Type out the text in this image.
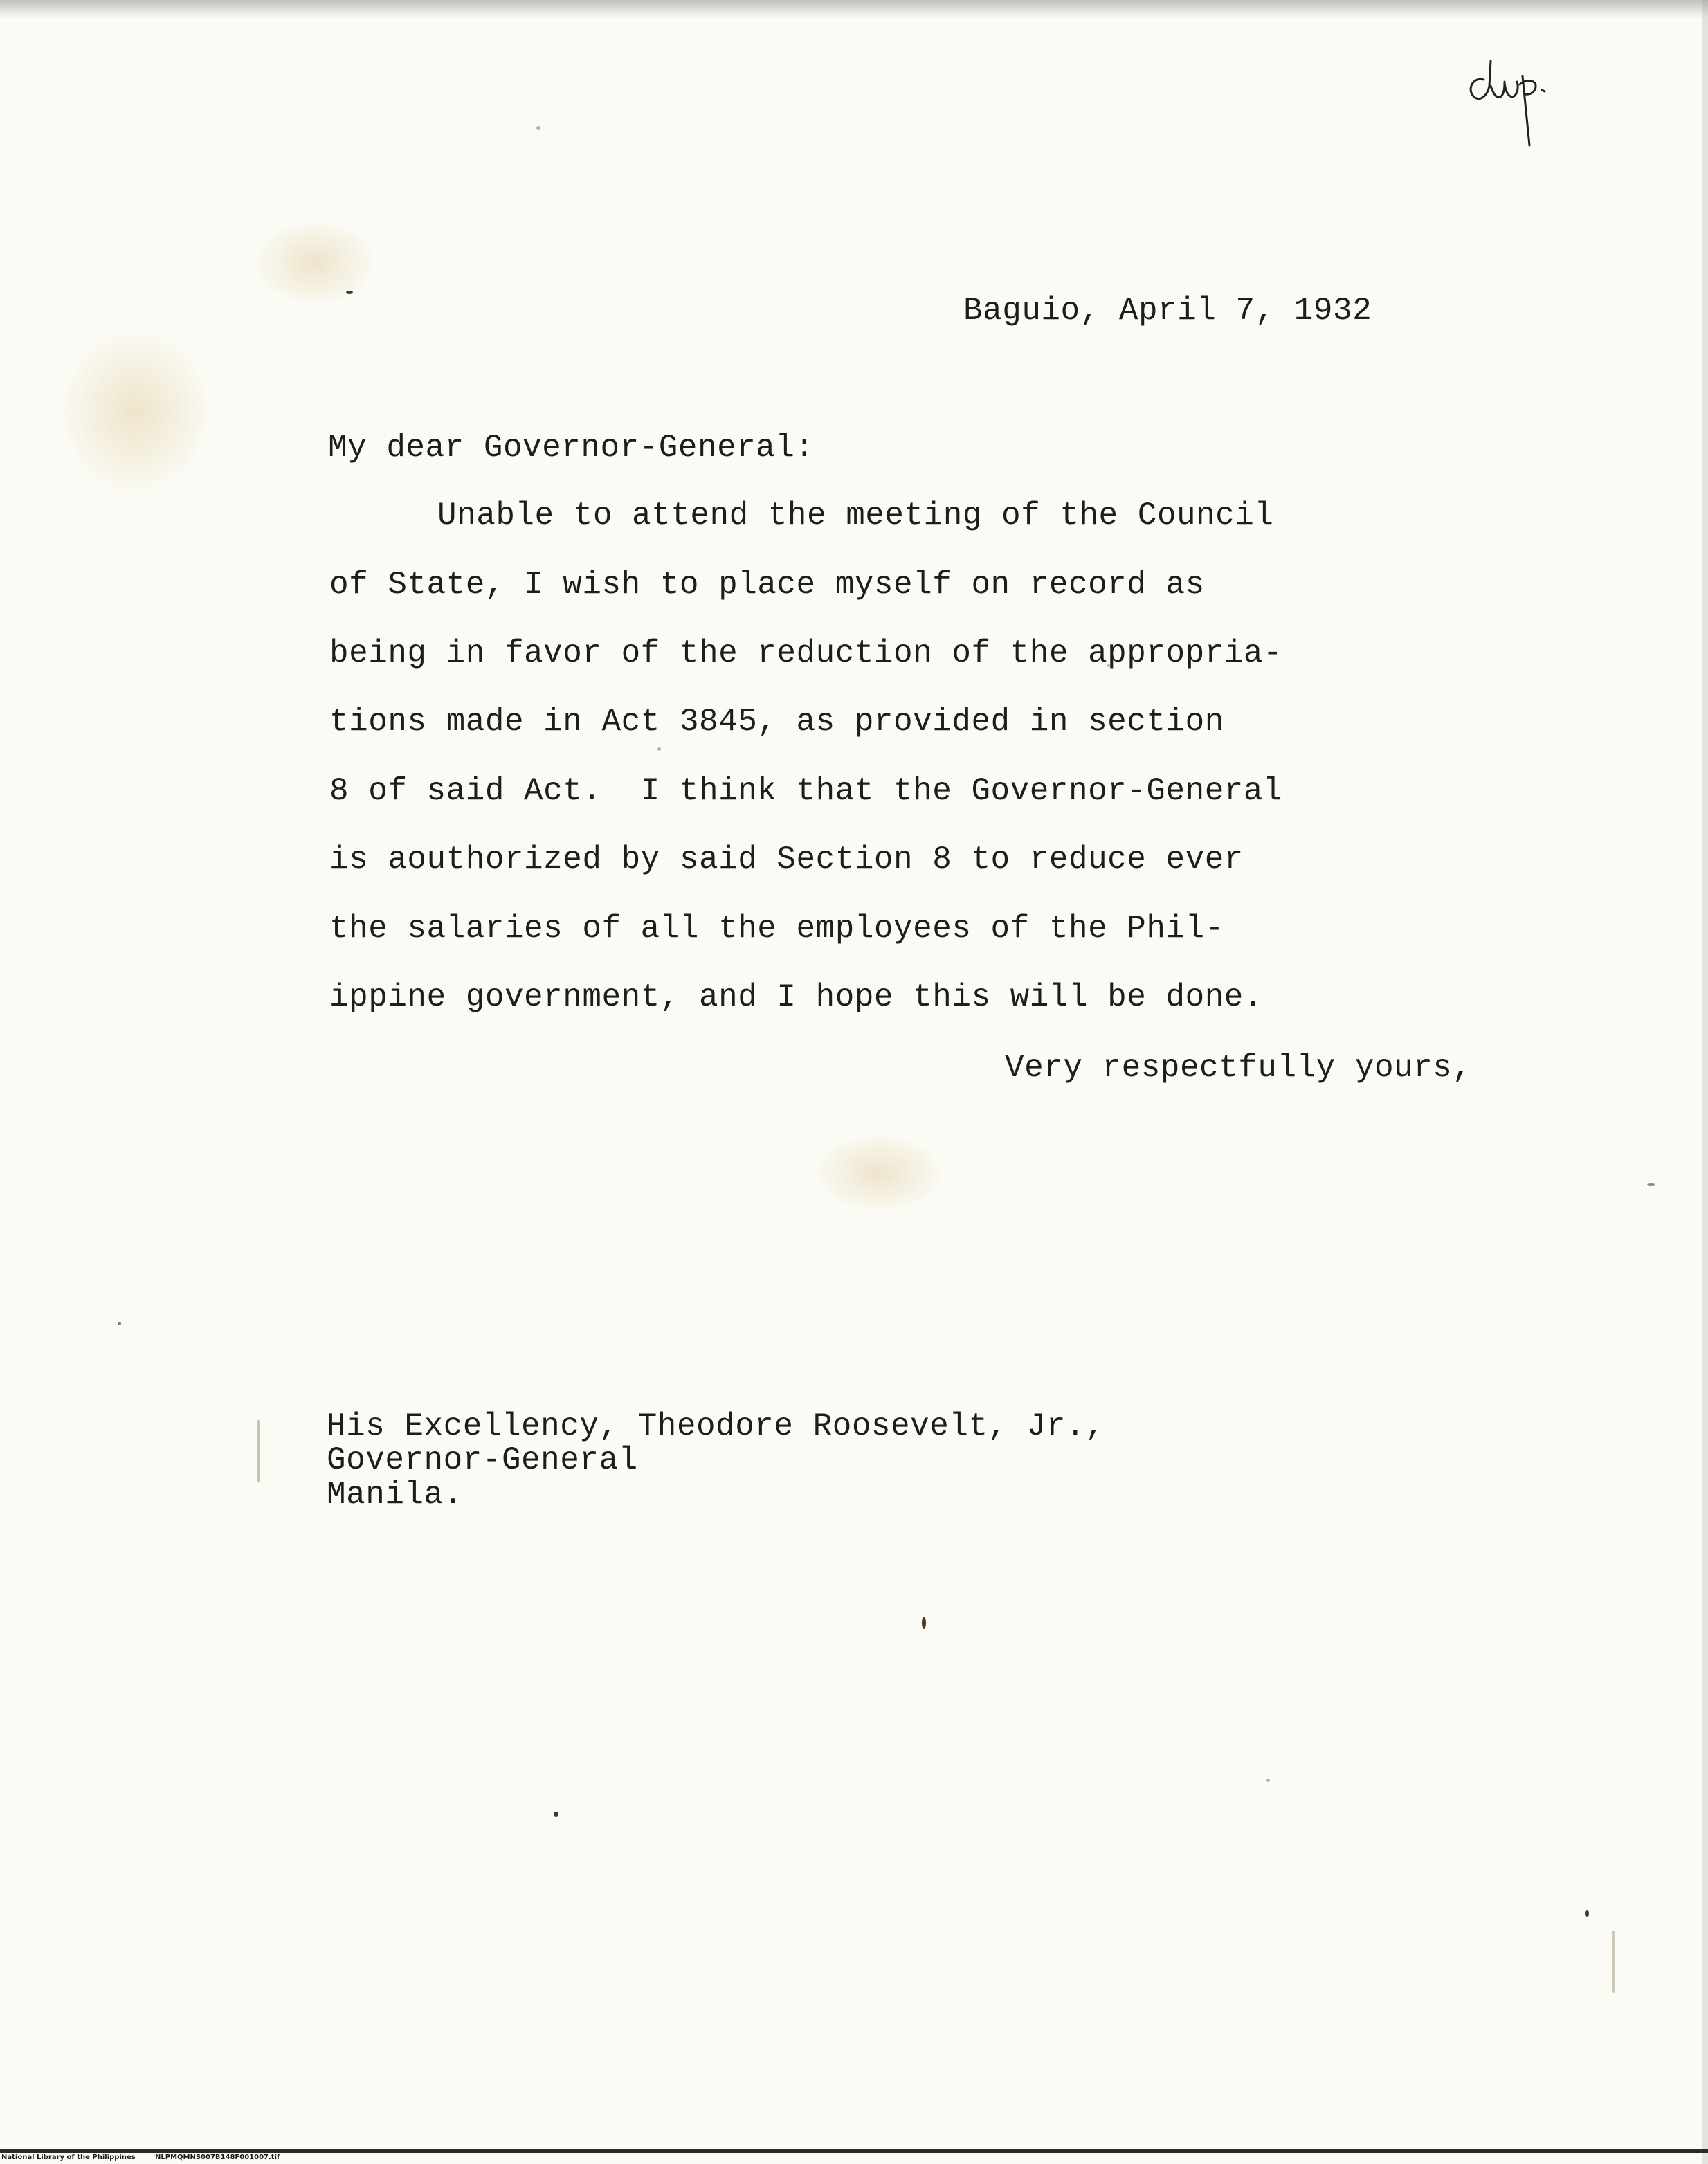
Baguio, April 7, 1932
My dear Governor-General:
Unable to attend the meeting of the Council
of State, I wish to place myself on record as
being in favor of the reduction of the appropria-
tions made in Act 3845, as provided in section
8 of said Act.  I think that the Governor-General
is aouthorized by said Section 8 to reduce ever
the salaries of all the employees of the Phil-
ippine government, and I hope this will be done.
Very respectfully yours,
His Excellency, Theodore Roosevelt, Jr.,
Governor-General
Manila.
National Library of the Philippines	NLPMQMNS007B148F001007.tif
